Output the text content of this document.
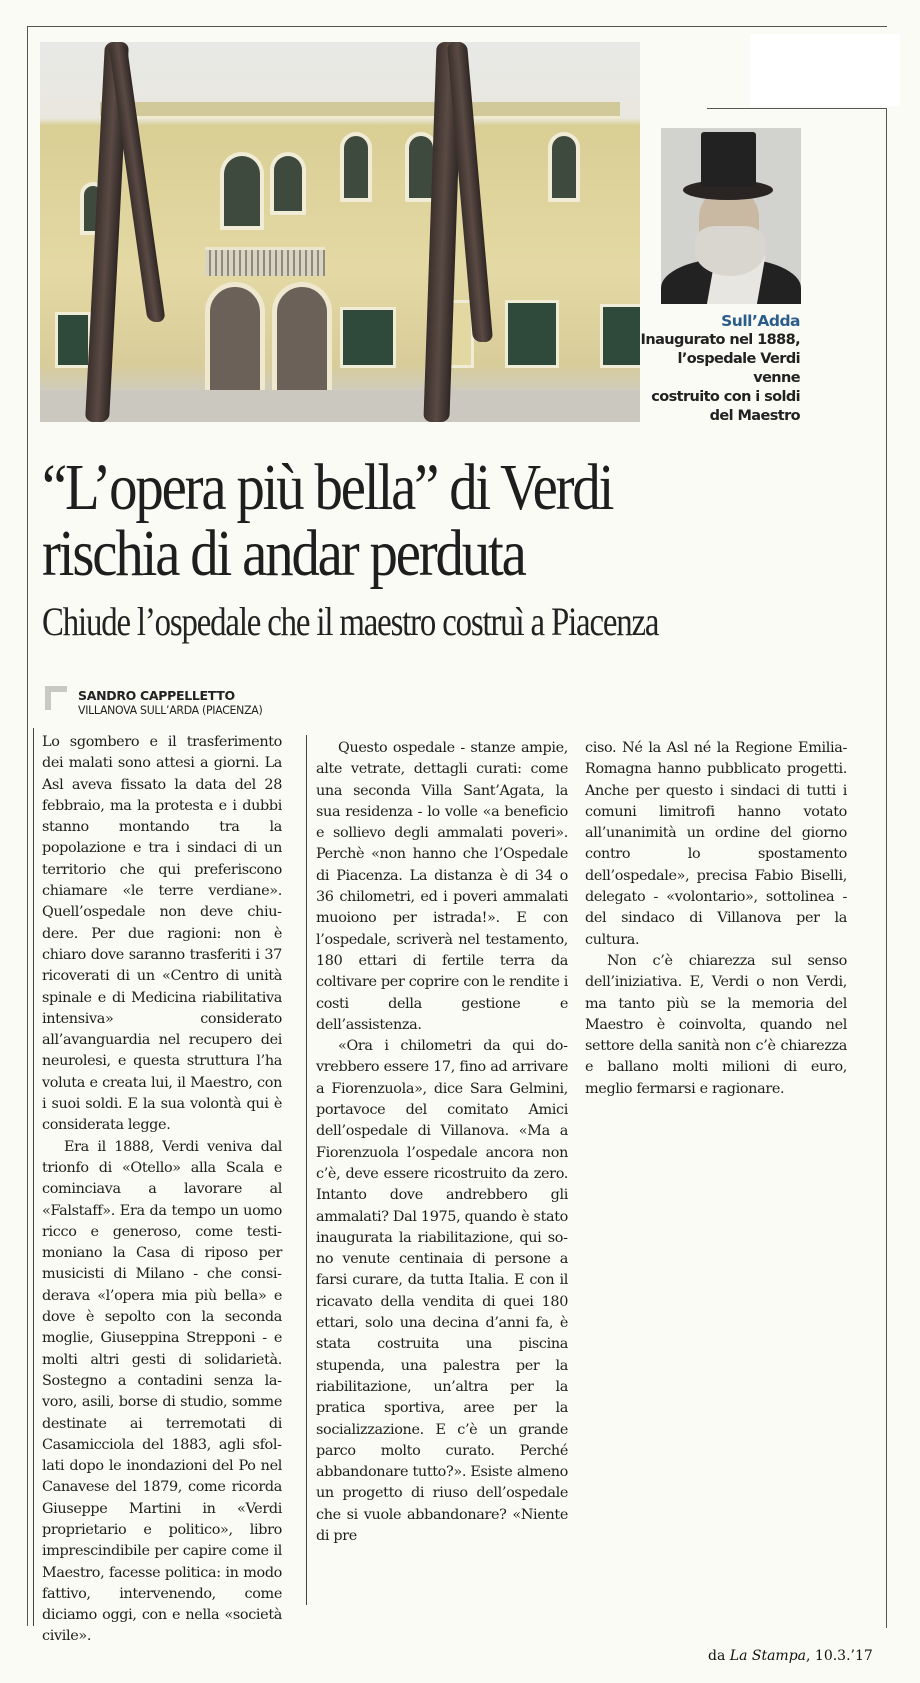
Sull’Adda
Inaugurato nel 1888,
l’ospedale Verdi venne
costruito con i soldi
del Maestro
“L’opera più bella” di Verdi
rischia di andar perduta
Chiude l’ospedale che il maestro costruì a Piacenza
SANDRO CAPPELLETTO
VILLANOVA SULL’ARDA (PIACENZA)

Lo sgombero e il trasferimento dei malati sono attesi a giorni. La Asl aveva fissato la data del 28 febbraio, ma la protesta e i dubbi stanno montando tra la popolazione e tra i sindaci di un territorio che qui preferiscono chiamare «le terre verdiane». Quell’ospedale non deve chiudere. Per due ragioni: non è chiaro dove saranno trasferiti i 37 ricoverati di un «Centro di unità spinale e di Medicina riabilitativa intensiva» considerato all’avanguardia nel recupero dei neurolesi, e questa struttura l’ha voluta e creata lui, il Maestro, con i suoi soldi. E la sua volontà qui è considerata legge.

Era il 1888, Verdi veniva dal trionfo di «Otello» alla Scala e cominciava a lavorare al «Falstaff». Era da tempo un uomo ricco e generoso, come testimoniano la Casa di riposo per musicisti di Milano - che considerava «l’opera mia più bella» e dove è sepolto con la seconda moglie, Giuseppina Strepponi - e molti altri gesti di solidarietà. Sostegno a contadini senza lavoro, asili, borse di studio, somme destinate ai terremotati di Casamicciola del 1883, agli sfollati dopo le inondazioni del Po nel Canavese del 1879, come ricorda Giuseppe Martini in «Verdi proprietario e politico», libro imprescindibile per capire come il Maestro, facesse politica: in modo fattivo, intervenendo, come diciamo oggi, con e nella «società civile».

Questo ospedale - stanze ampie, alte vetrate, dettagli curati: come una seconda Villa Sant’Agata, la sua residenza - lo volle «a beneficio e sollievo degli ammalati poveri». Perchè «non hanno che l’Ospedale di Piacenza. La distanza è di 34 o 36 chilometri, ed i poveri ammalati muoiono per istrada!». E con l’ospedale, scriverà nel testamento, 180 ettari di fertile terra da coltivare per coprire con le rendite i costi della gestione e dell’assistenza.

«Ora i chilometri da qui dovrebbero essere 17, fino ad arrivare a Fiorenzuola», dice Sara Gelmini, portavoce del comitato Amici dell’ospedale di Villanova. «Ma a Fiorenzuola l’ospedale ancora non c’è, deve essere ricostruito da zero. Intanto dove andrebbero gli ammalati? Dal 1975, quando è stato inaugurata la riabilitazione, qui sono venute centinaia di persone a farsi curare, da tutta Italia. E con il ricavato della vendita di quei 180 ettari, solo una decina d’anni fa, è stata costruita una piscina stupenda, una palestra per la riabilitazione, un’altra per la pratica sportiva, aree per la socializzazione. E c’è un grande parco molto curato. Perché abbandonare tutto?». Esiste almeno un progetto di riuso dell’ospedale che si vuole abbandonare? «Niente di pre

ciso. Né la Asl né la Regione Emilia-Romagna hanno pubblicato progetti. Anche per questo i sindaci di tutti i comuni limitrofi hanno votato all’unanimità un ordine del giorno contro lo spostamento dell’ospedale», precisa Fabio Biselli, delegato - «volontario», sottolinea - del sindaco di Villanova per la cultura.

Non c’è chiarezza sul senso dell’iniziativa. E, Verdi o non Verdi, ma tanto più se la memoria del Maestro è coinvolta, quando nel settore della sanità non c’è chiarezza e ballano molti milioni di euro, meglio fermarsi e ragionare.

da La Stampa, 10.3.’17
